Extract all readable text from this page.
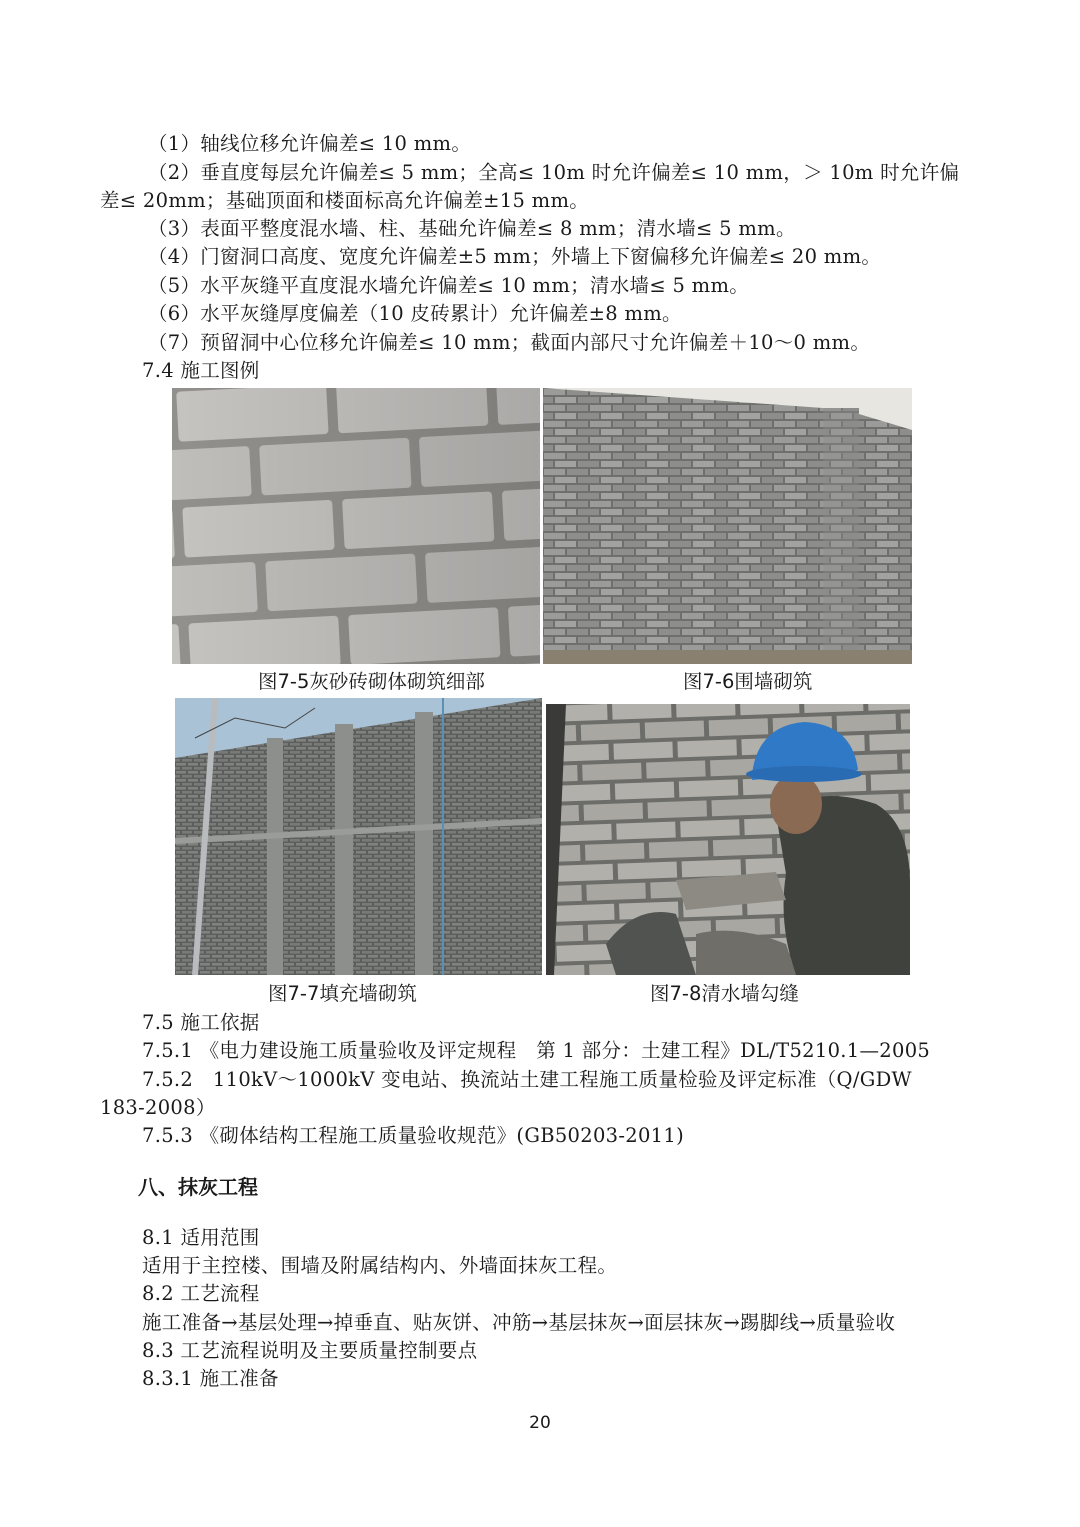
（1）轴线位移允许偏差≤ 10 mm。
（2）垂直度每层允许偏差≤ 5 mm；全高≤ 10m 时允许偏差≤ 10 mm，＞ 10m 时允许偏
差≤ 20mm；基础顶面和楼面标高允许偏差±15 mm。
（3）表面平整度混水墙、柱、基础允许偏差≤ 8 mm；清水墙≤ 5 mm。
（4）门窗洞口高度、宽度允许偏差±5 mm；外墙上下窗偏移允许偏差≤ 20 mm。
（5）水平灰缝平直度混水墙允许偏差≤ 10 mm；清水墙≤ 5 mm。
（6）水平灰缝厚度偏差（10 皮砖累计）允许偏差±8 mm。
（7）预留洞中心位移允许偏差≤ 10 mm；截面内部尺寸允许偏差＋10～0 mm。
7.4 施工图例
图7-5灰砂砖砌体砌筑细部	图7-6围墙砌筑
图7-7填充墙砌筑	图7-8清水墙勾缝
7.5 施工依据
7.5.1 《电力建设施工质量验收及评定规程　第 1 部分：土建工程》DL/T5210.1—2005
7.5.2　110kV～1000kV 变电站、换流站土建工程施工质量检验及评定标准（Q/GDW
183-2008）
7.5.3 《砌体结构工程施工质量验收规范》(GB50203-2011)
八、抹灰工程
8.1 适用范围
适用于主控楼、围墙及附属结构内、外墙面抹灰工程。
8.2 工艺流程
施工准备→基层处理→掉垂直、贴灰饼、冲筋→基层抹灰→面层抹灰→踢脚线→质量验收
8.3 工艺流程说明及主要质量控制要点
8.3.1 施工准备
20
